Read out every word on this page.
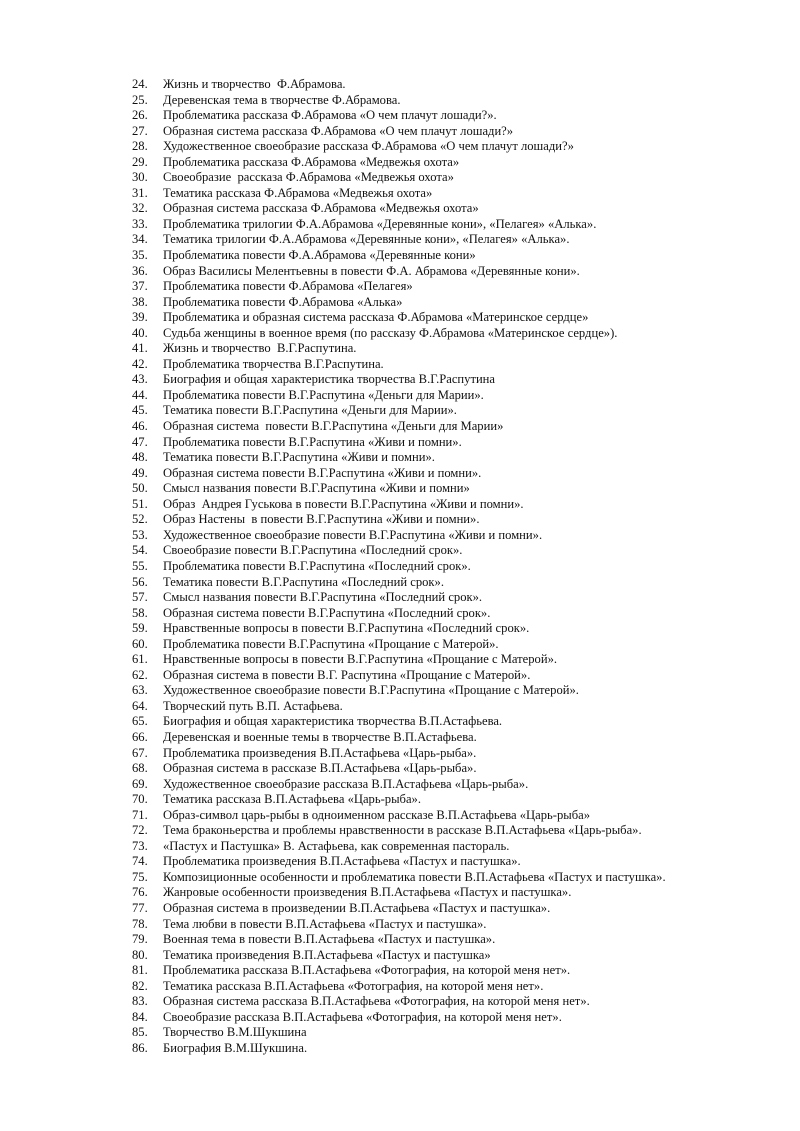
24.	Жизнь и творчество  Ф.Абрамова.
25.	Деревенская тема в творчестве Ф.Абрамова.
26.	Проблематика рассказа Ф.Абрамова «О чем плачут лошади?».
27.	Образная система рассказа Ф.Абрамова «О чем плачут лошади?»
28.	Художественное своеобразие рассказа Ф.Абрамова «О чем плачут лошади?»
29.	Проблематика рассказа Ф.Абрамова «Медвежья охота»
30.	Своеобразие  рассказа Ф.Абрамова «Медвежья охота»
31.	Тематика рассказа Ф.Абрамова «Медвежья охота»
32.	Образная система рассказа Ф.Абрамова «Медвежья охота»
33.	Проблематика трилогии Ф.А.Абрамова «Деревянные кони», «Пелагея» «Алька».
34.	Тематика трилогии Ф.А.Абрамова «Деревянные кони», «Пелагея» «Алька».
35.	Проблематика повести Ф.А.Абрамова «Деревянные кони»
36.	Образ Василисы Мелентьевны в повести Ф.А. Абрамова «Деревянные кони».
37.	Проблематика повести Ф.Абрамова «Пелагея»
38.	Проблематика повести Ф.Абрамова «Алька»
39.	Проблематика и образная система рассказа Ф.Абрамова «Материнское сердце»
40.	Судьба женщины в военное время (по рассказу Ф.Абрамова «Материнское сердце»).
41.	Жизнь и творчество  В.Г.Распутина.
42.	Проблематика творчества В.Г.Распутина.
43.	Биография и общая характеристика творчества В.Г.Распутина
44.	Проблематика повести В.Г.Распутина «Деньги для Марии».
45.	Тематика повести В.Г.Распутина «Деньги для Марии».
46.	Образная система  повести В.Г.Распутина «Деньги для Марии»
47.	Проблематика повести В.Г.Распутина «Живи и помни».
48.	Тематика повести В.Г.Распутина «Живи и помни».
49.	Образная система повести В.Г.Распутина «Живи и помни».
50.	Смысл названия повести В.Г.Распутина «Живи и помни»
51.	Образ  Андрея Гуськова в повести В.Г.Распутина «Живи и помни».
52.	Образ Настены  в повести В.Г.Распутина «Живи и помни».
53.	Художественное своеобразие повести В.Г.Распутина «Живи и помни».
54.	Своеобразие повести В.Г.Распутина «Последний срок».
55.	Проблематика повести В.Г.Распутина «Последний срок».
56.	Тематика повести В.Г.Распутина «Последний срок».
57.	Смысл названия повести В.Г.Распутина «Последний срок».
58.	Образная система повести В.Г.Распутина «Последний срок».
59.	Нравственные вопросы в повести В.Г.Распутина «Последний срок».
60.	Проблематика повести В.Г.Распутина «Прощание с Матерой».
61.	Нравственные вопросы в повести В.Г.Распутина «Прощание с Матерой».
62.	Образная система в повести В.Г. Распутина «Прощание с Матерой».
63.	Художественное своеобразие повести В.Г.Распутина «Прощание с Матерой».
64.	Творческий путь В.П. Астафьева.
65.	Биография и общая характеристика творчества В.П.Астафьева.
66.	Деревенская и военные темы в творчестве В.П.Астафьева.
67.	Проблематика произведения В.П.Астафьева «Царь-рыба».
68.	Образная система в рассказе В.П.Астафьева «Царь-рыба».
69.	Художественное своеобразие рассказа В.П.Астафьева «Царь-рыба».
70.	Тематика рассказа В.П.Астафьева «Царь-рыба».
71.	Образ-символ царь-рыбы в одноименном рассказе В.П.Астафьева «Царь-рыба»
72.	Тема браконьерства и проблемы нравственности в рассказе В.П.Астафьева «Царь-рыба».
73.	«Пастух и Пастушка» В. Астафьева, как современная пастораль.
74.	Проблематика произведения В.П.Астафьева «Пастух и пастушка».
75.	Композиционные особенности и проблематика повести В.П.Астафьева «Пастух и пастушка».
76.	Жанровые особенности произведения В.П.Астафьева «Пастух и пастушка».
77.	Образная система в произведении В.П.Астафьева «Пастух и пастушка».
78.	Тема любви в повести В.П.Астафьева «Пастух и пастушка».
79.	Военная тема в повести В.П.Астафьева «Пастух и пастушка».
80.	Тематика произведения В.П.Астафьева «Пастух и пастушка»
81.	Проблематика рассказа В.П.Астафьева «Фотография, на которой меня нет».
82.	Тематика рассказа В.П.Астафьева «Фотография, на которой меня нет».
83.	Образная система рассказа В.П.Астафьева «Фотография, на которой меня нет».
84.	Своеобразие рассказа В.П.Астафьева «Фотография, на которой меня нет».
85.	Творчество В.М.Шукшина
86.	Биография В.М.Шукшина.
